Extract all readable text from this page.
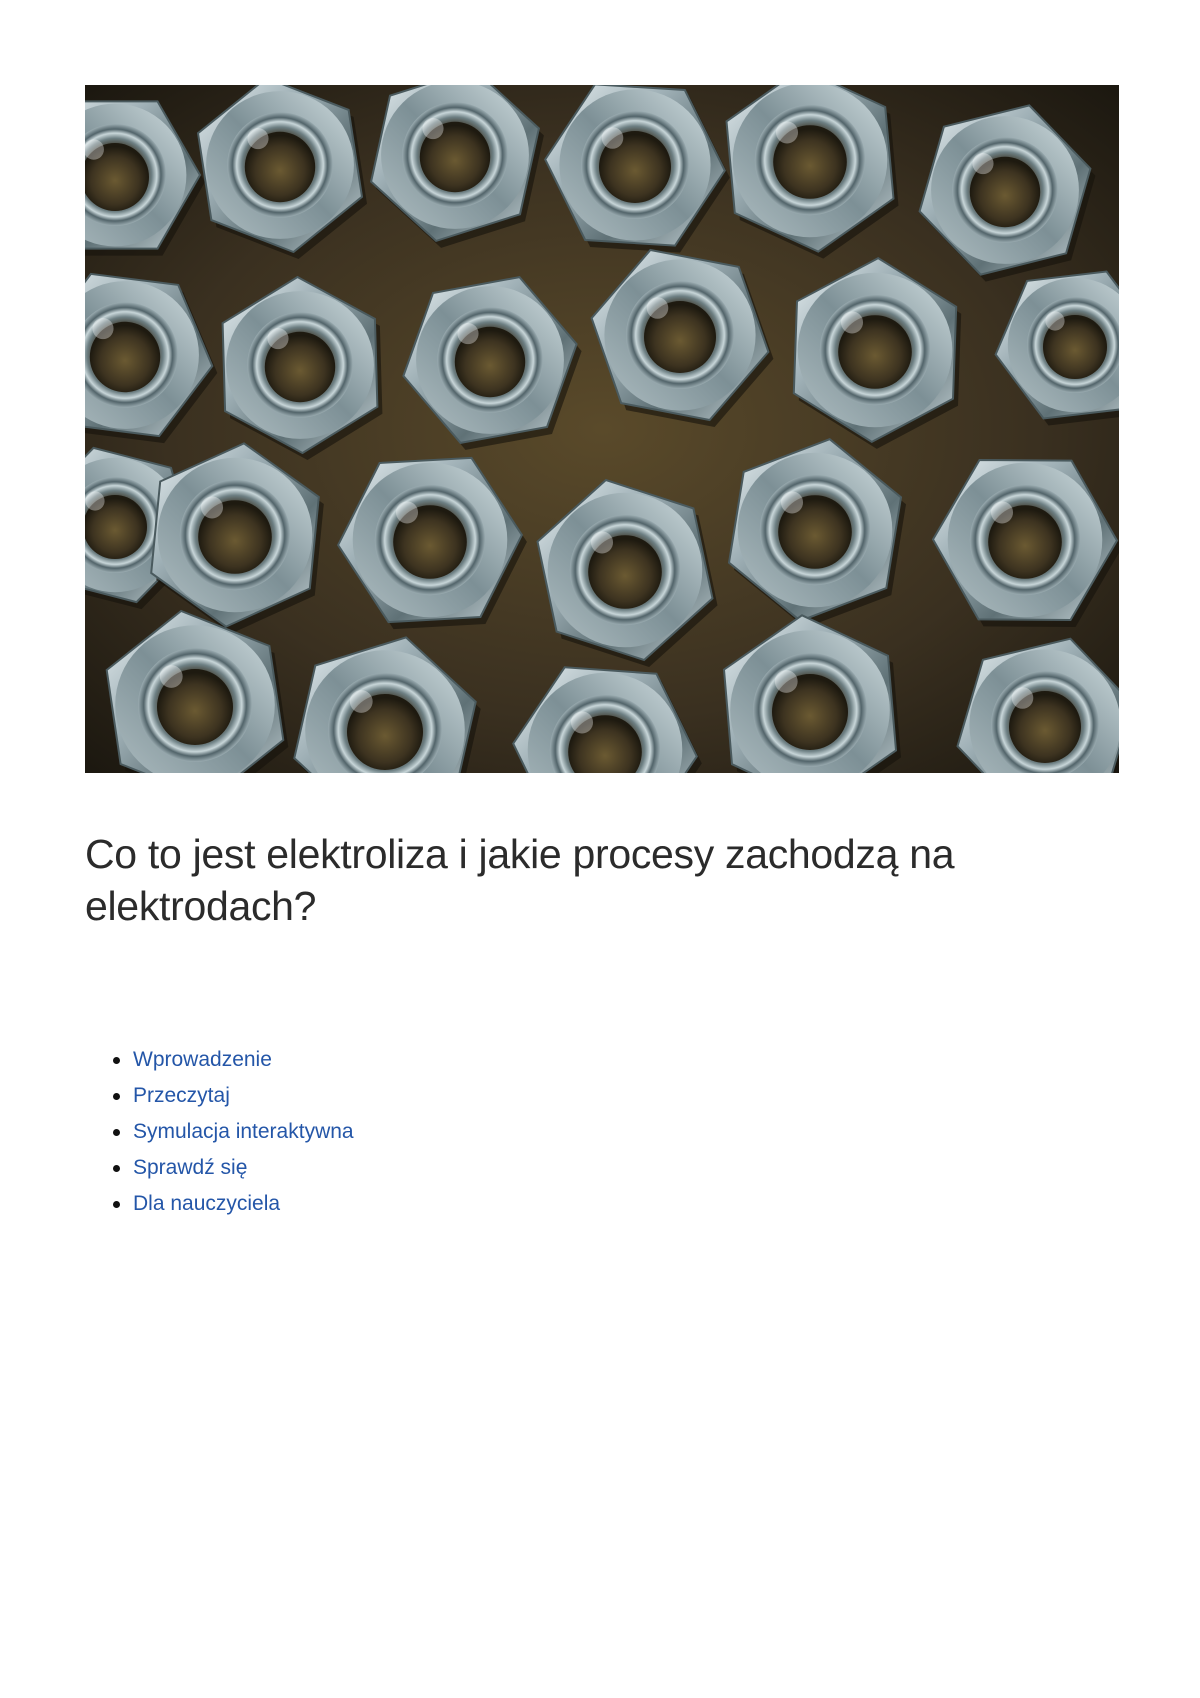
Co to jest elektroliza i jakie procesy zachodzą na elektrodach?
Wprowadzenie
Przeczytaj
Symulacja interaktywna
Sprawdź się
Dla nauczyciela
